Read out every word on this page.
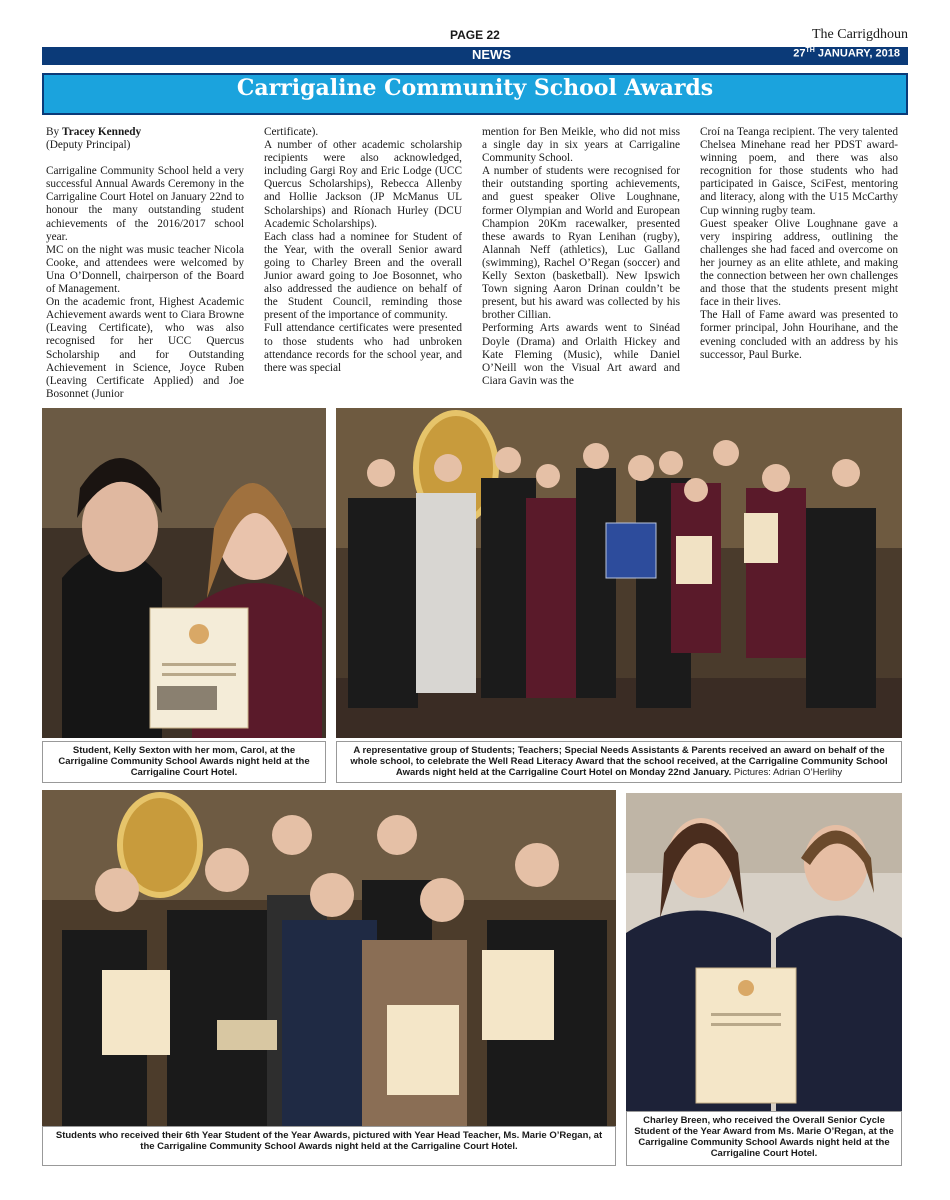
PAGE 22	The Carrigdhoun
NEWS	27TH JANUARY, 2018
Carrigaline Community School Awards

By Tracey Kennedy

(Deputy Principal)

Carrigaline Community School held a very successful Annual Awards Ceremony in the Carrigaline Court Hotel on January 22nd to honour the many outstanding student achievements of the 2016/2017 school year.

MC on the night was music teacher Nicola Cooke, and attendees were welcomed by Una O’Donnell, chairperson of the Board of Management.

On the academic front, Highest Academic Achievement awards went to Ciara Browne (Leaving Certificate), who was also recognised for her UCC Quercus Scholarship and for Outstanding Achievement in Science, Joyce Ruben (Leaving Certificate Applied) and Joe Bosonnet (Junior

Certificate).

A number of other academic scholarship recipients were also acknowledged, including Gargi Roy and Eric Lodge (UCC Quercus Scholarships), Rebecca Allenby and Hollie Jackson (JP McManus UL Scholarships) and Ríonach Hurley (DCU Academic Scholarships).

Each class had a nominee for Student of the Year, with the overall Senior award going to Charley Breen and the overall Junior award going to Joe Bosonnet, who also addressed the audience on behalf of the Student Council, reminding those present of the importance of community.

Full attendance certificates were presented to those students who had unbroken attendance records for the school year, and there was special

mention for Ben Meikle, who did not miss a single day in six years at Carrigaline Community School.

A number of students were recognised for their outstanding sporting achievements, and guest speaker Olive Loughnane, former Olympian and World and European Champion 20Km racewalker, presented these awards to Ryan Lenihan (rugby), Alannah Neff (athletics), Luc Galland (swimming), Rachel O’Regan (soccer) and Kelly Sexton (basketball). New Ipswich Town signing Aaron Drinan couldn’t be present, but his award was collected by his brother Cillian.

Performing Arts awards went to Sinéad Doyle (Drama) and Orlaith Hickey and Kate Fleming (Music), while Daniel O’Neill won the Visual Art award and Ciara Gavin was the

Croí na Teanga recipient. The very talented Chelsea Minehane read her PDST award-winning poem, and there was also recognition for those students who had participated in Gaisce, SciFest, mentoring and literacy, along with the U15 McCarthy Cup winning rugby team.

Guest speaker Olive Loughnane gave a very inspiring address, outlining the challenges she had faced and overcome on her journey as an elite athlete, and making the connection between her own challenges and those that the students present might face in their lives.

The Hall of Fame award was presented to former principal, John Hourihane, and the evening concluded with an address by his successor, Paul Burke.

Student, Kelly Sexton with her mom, Carol, at the Carrigaline Community School Awards night held at the Carrigaline Court Hotel.
A representative group of Students; Teachers; Special Needs Assistants & Parents received an award on behalf of the whole school, to celebrate the Well Read Literacy Award that the school received, at the Carrigaline Community School Awards night held at the Carrigaline Court Hotel on Monday 22nd January. Pictures: Adrian O’Herlihy
Students who received their 6th Year Student of the Year Awards, pictured with Year Head Teacher, Ms. Marie O’Regan, at the Carrigaline Community School Awards night held at the Carrigaline Court Hotel.
Charley Breen, who received the Overall Senior Cycle Student of the Year Award from Ms. Marie O’Regan, at the Carrigaline Community School Awards night held at the Carrigaline Court Hotel.
